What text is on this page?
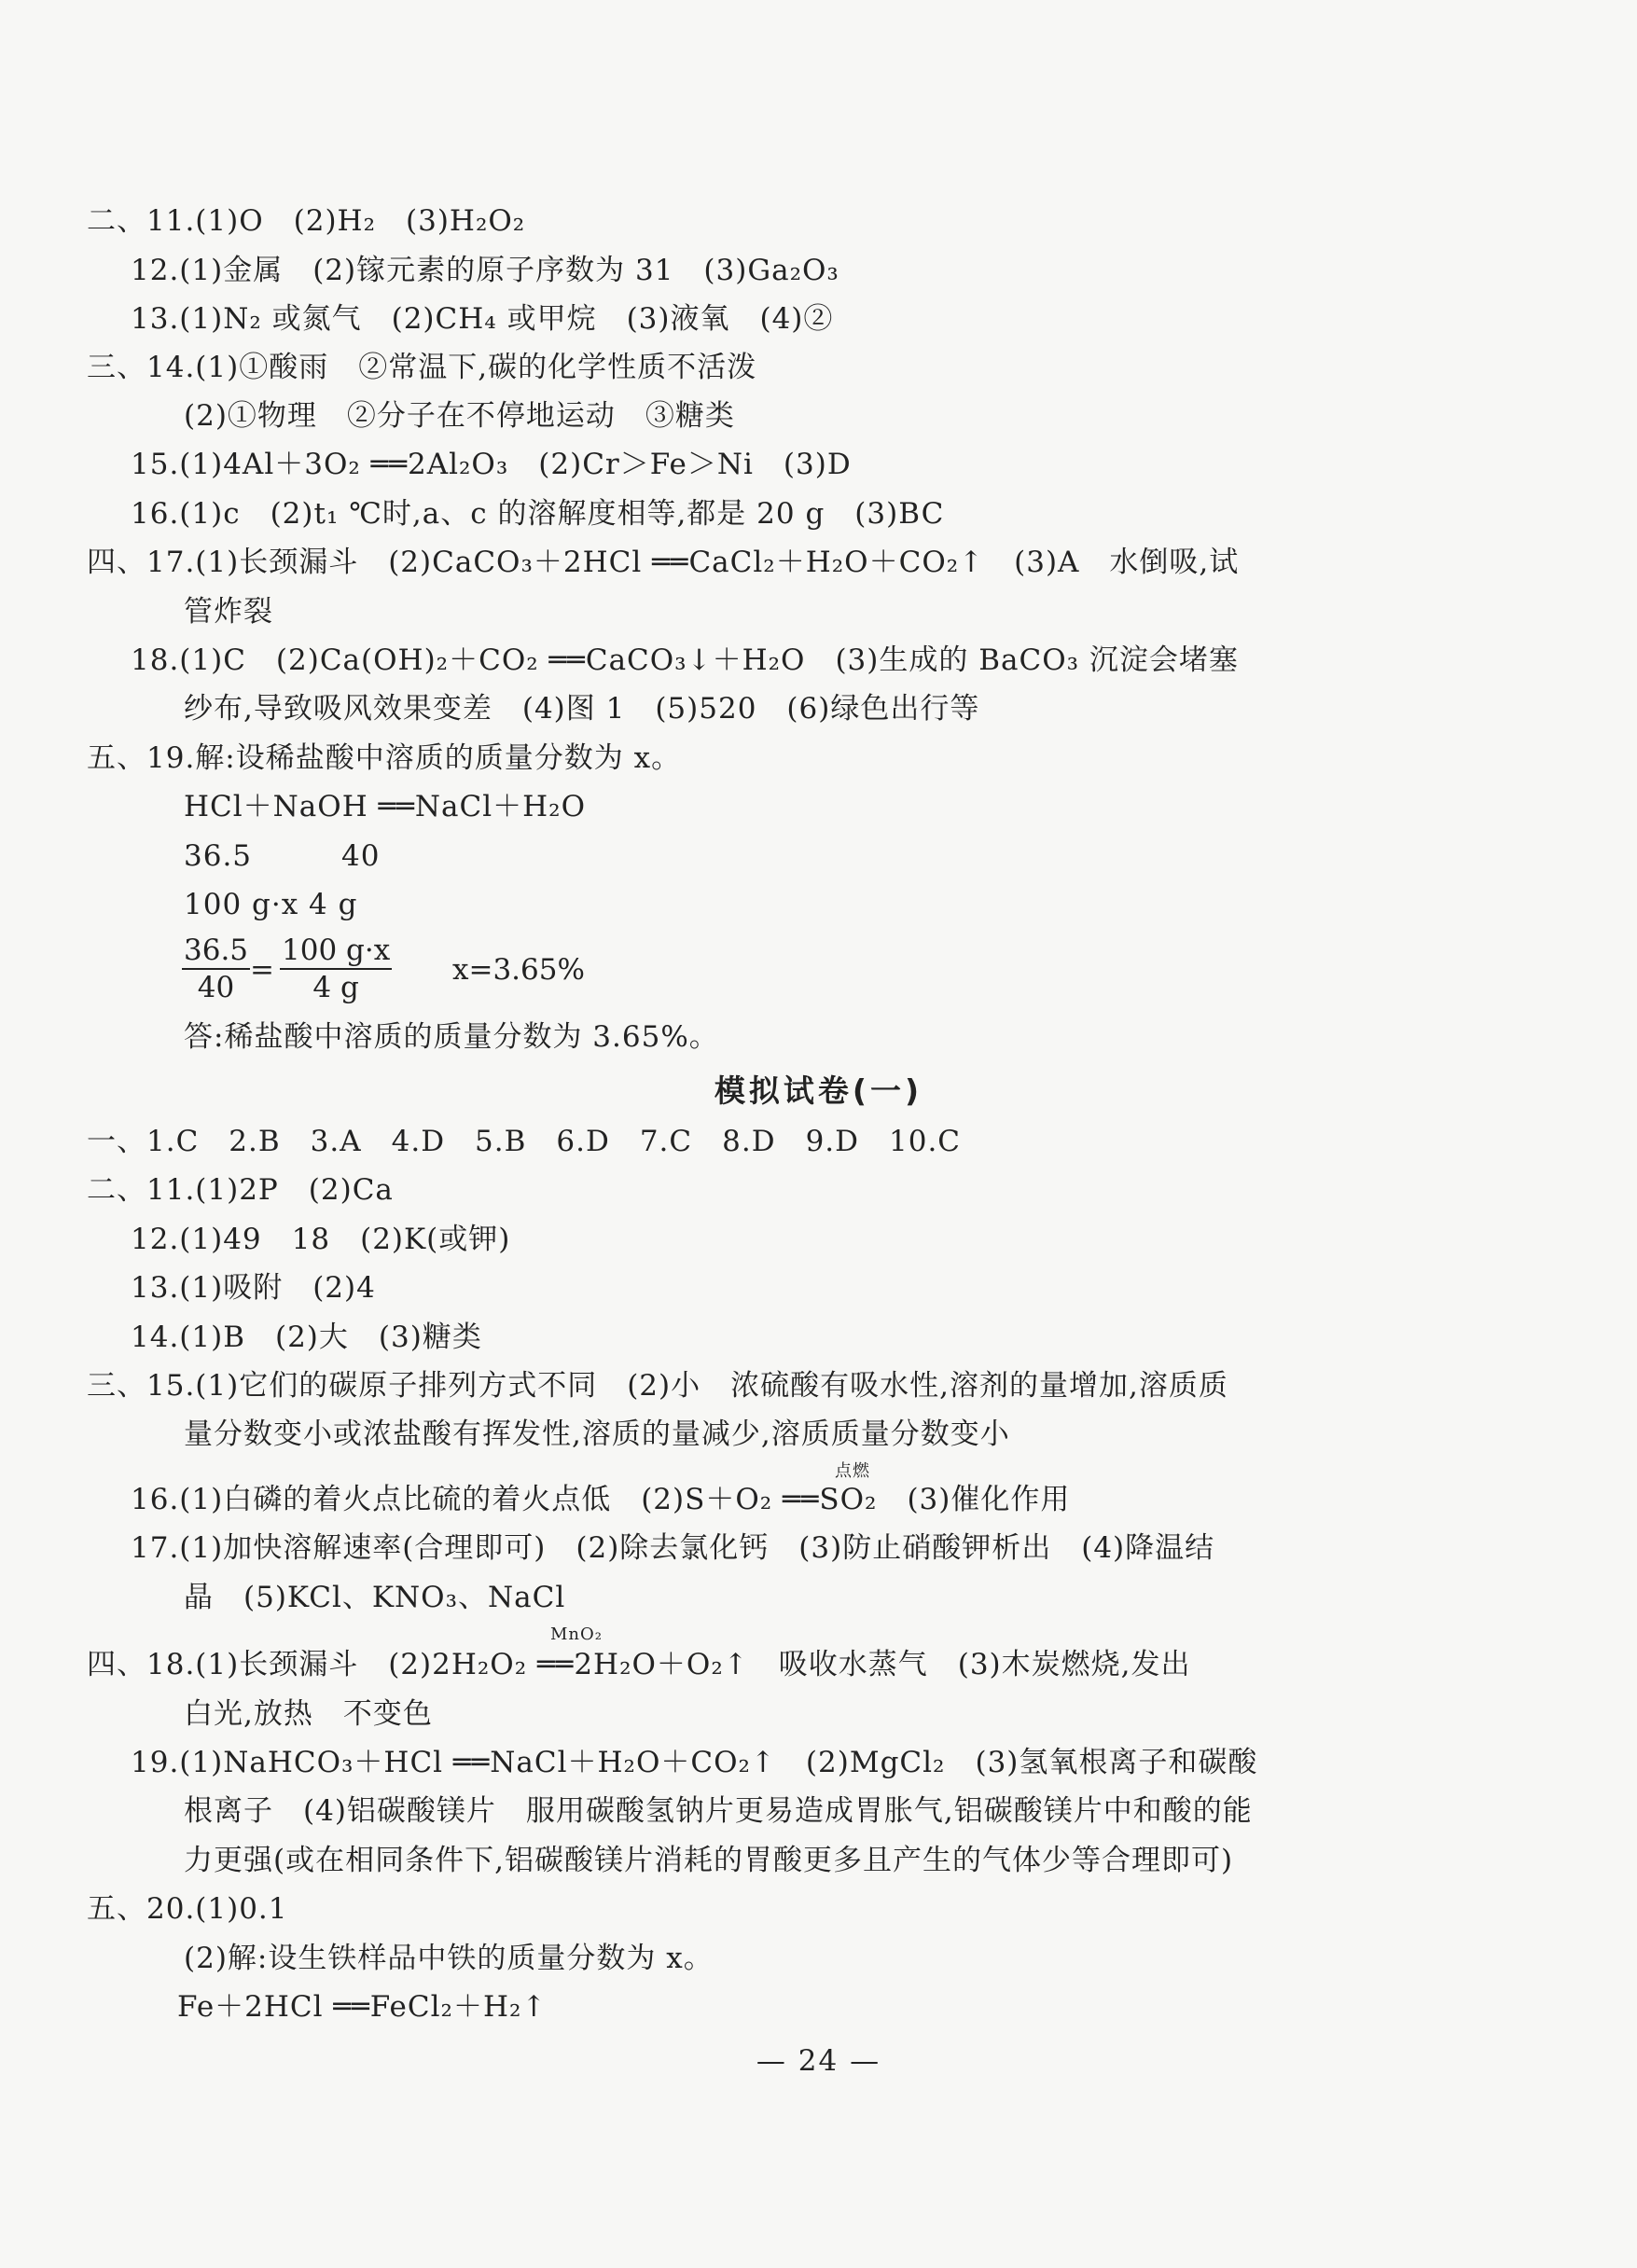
二、11.(1)O　(2)H₂　(3)H₂O₂
12.(1)金属　(2)镓元素的原子序数为 31　(3)Ga₂O₃
13.(1)N₂ 或氮气　(2)CH₄ 或甲烷　(3)液氧　(4)②
三、14.(1)①酸雨　②常温下,碳的化学性质不活泼
(2)①物理　②分子在不停地运动　③糖类
15.(1)4Al＋3O₂ ══2Al₂O₃　(2)Cr＞Fe＞Ni　(3)D
16.(1)c　(2)t₁ ℃时,a、c 的溶解度相等,都是 20 g　(3)BC
四、17.(1)长颈漏斗　(2)CaCO₃＋2HCl ══CaCl₂＋H₂O＋CO₂↑　(3)A　水倒吸,试
管炸裂
18.(1)C　(2)Ca(OH)₂＋CO₂ ══CaCO₃↓＋H₂O　(3)生成的 BaCO₃ 沉淀会堵塞
纱布,导致吸风效果变差　(4)图 1　(5)520　(6)绿色出行等
五、19.解:设稀盐酸中溶质的质量分数为 x。
HCl＋NaOH ══NaCl＋H₂O
36.5　　　40
100 g·x 4 g
$\frac{36.5}{40} = \frac{100 g\cdot x}{4 g} x=3.65\%$
答:稀盐酸中溶质的质量分数为 3.65%。
模拟试卷(一)
一、1.C　2.B　3.A　4.D　5.B　6.D　7.C　8.D　9.D　10.C
二、11.(1)2P　(2)Ca
12.(1)49　18　(2)K(或钾)
13.(1)吸附　(2)4
14.(1)B　(2)大　(3)糖类
三、15.(1)它们的碳原子排列方式不同　(2)小　浓硫酸有吸水性,溶剂的量增加,溶质质
量分数变小或浓盐酸有挥发性,溶质的量减少,溶质质量分数变小
点燃
16.(1)白磷的着火点比硫的着火点低　(2)S＋O₂ ══SO₂　(3)催化作用
17.(1)加快溶解速率(合理即可)　(2)除去氯化钙　(3)防止硝酸钾析出　(4)降温结
晶　(5)KCl、KNO₃、NaCl
MnO₂
四、18.(1)长颈漏斗　(2)2H₂O₂ ══2H₂O＋O₂↑　吸收水蒸气　(3)木炭燃烧,发出
白光,放热　不变色
19.(1)NaHCO₃＋HCl ══NaCl＋H₂O＋CO₂↑　(2)MgCl₂　(3)氢氧根离子和碳酸
根离子　(4)铝碳酸镁片　服用碳酸氢钠片更易造成胃胀气,铝碳酸镁片中和酸的能
力更强(或在相同条件下,铝碳酸镁片消耗的胃酸更多且产生的气体少等合理即可)
五、20.(1)0.1
(2)解:设生铁样品中铁的质量分数为 x。
Fe＋2HCl ══FeCl₂＋H₂↑
— 24 —
